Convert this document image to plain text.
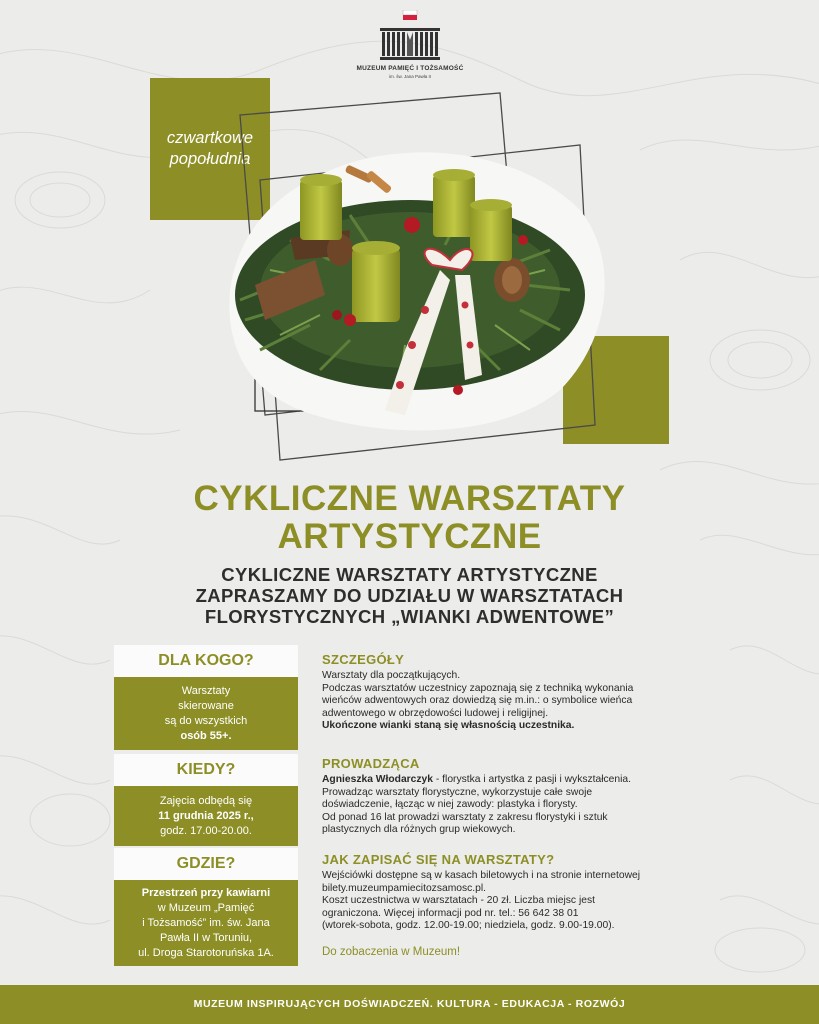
MUZEUM PAMIĘĆ I TOŻSAMOŚĆ
im. św. Jana Pawła II
czwartkowe
popołudnia
CYKLICZNE WARSZTATY
ARTYSTYCZNE
CYKLICZNE WARSZTATY ARTYSTYCZNE
ZAPRASZAMY DO UDZIAŁU W WARSZTATACH
FLORYSTYCZNYCH „WIANKI ADWENTOWE”
DLA KOGO?
Warsztaty
skierowane
są do wszystkich
osób 55+.
KIEDY?
Zajęcia odbędą się
11 grudnia 2025 r.,
godz. 17.00-20.00.
GDZIE?
Przestrzeń przy kawiarni
w Muzeum „Pamięć
i Tożsamość” im. św. Jana
Pawła II w Toruniu,
ul. Droga Starotoruńska 1A.
SZCZEGÓŁY

Warsztaty dla początkujących.

Podczas warsztatów uczestnicy zapoznają się z techniką wykonania

wieńców adwentowych oraz dowiedzą się m.in.: o symbolice wieńca

adwentowego w obrzędowości ludowej i religijnej.

Ukończone wianki staną się własnością uczestnika.

PROWADZĄCA

Agnieszka Włodarczyk - florystka i artystka z pasji i wykształcenia.

Prowadząc warsztaty florystyczne, wykorzystuje całe swoje

doświadczenie, łącząc w niej zawody: plastyka i florysty.

Od ponad 16 lat prowadzi warsztaty z zakresu florystyki i sztuk

plastycznych dla różnych grup wiekowych.

JAK ZAPISAĆ SIĘ NA WARSZTATY?

Wejściówki dostępne są w kasach biletowych i na stronie internetowej

bilety.muzeumpamiecitozsamosc.pl.

Koszt uczestnictwa w warsztatach - 20 zł. Liczba miejsc jest

ograniczona. Więcej informacji pod nr. tel.: 56 642 38 01

(wtorek-sobota, godz. 12.00-19.00; niedziela, godz. 9.00-19.00).

Do zobaczenia w Muzeum!
MUZEUM INSPIRUJĄCYCH DOŚWIADCZEŃ. KULTURA - EDUKACJA - ROZWÓJ
